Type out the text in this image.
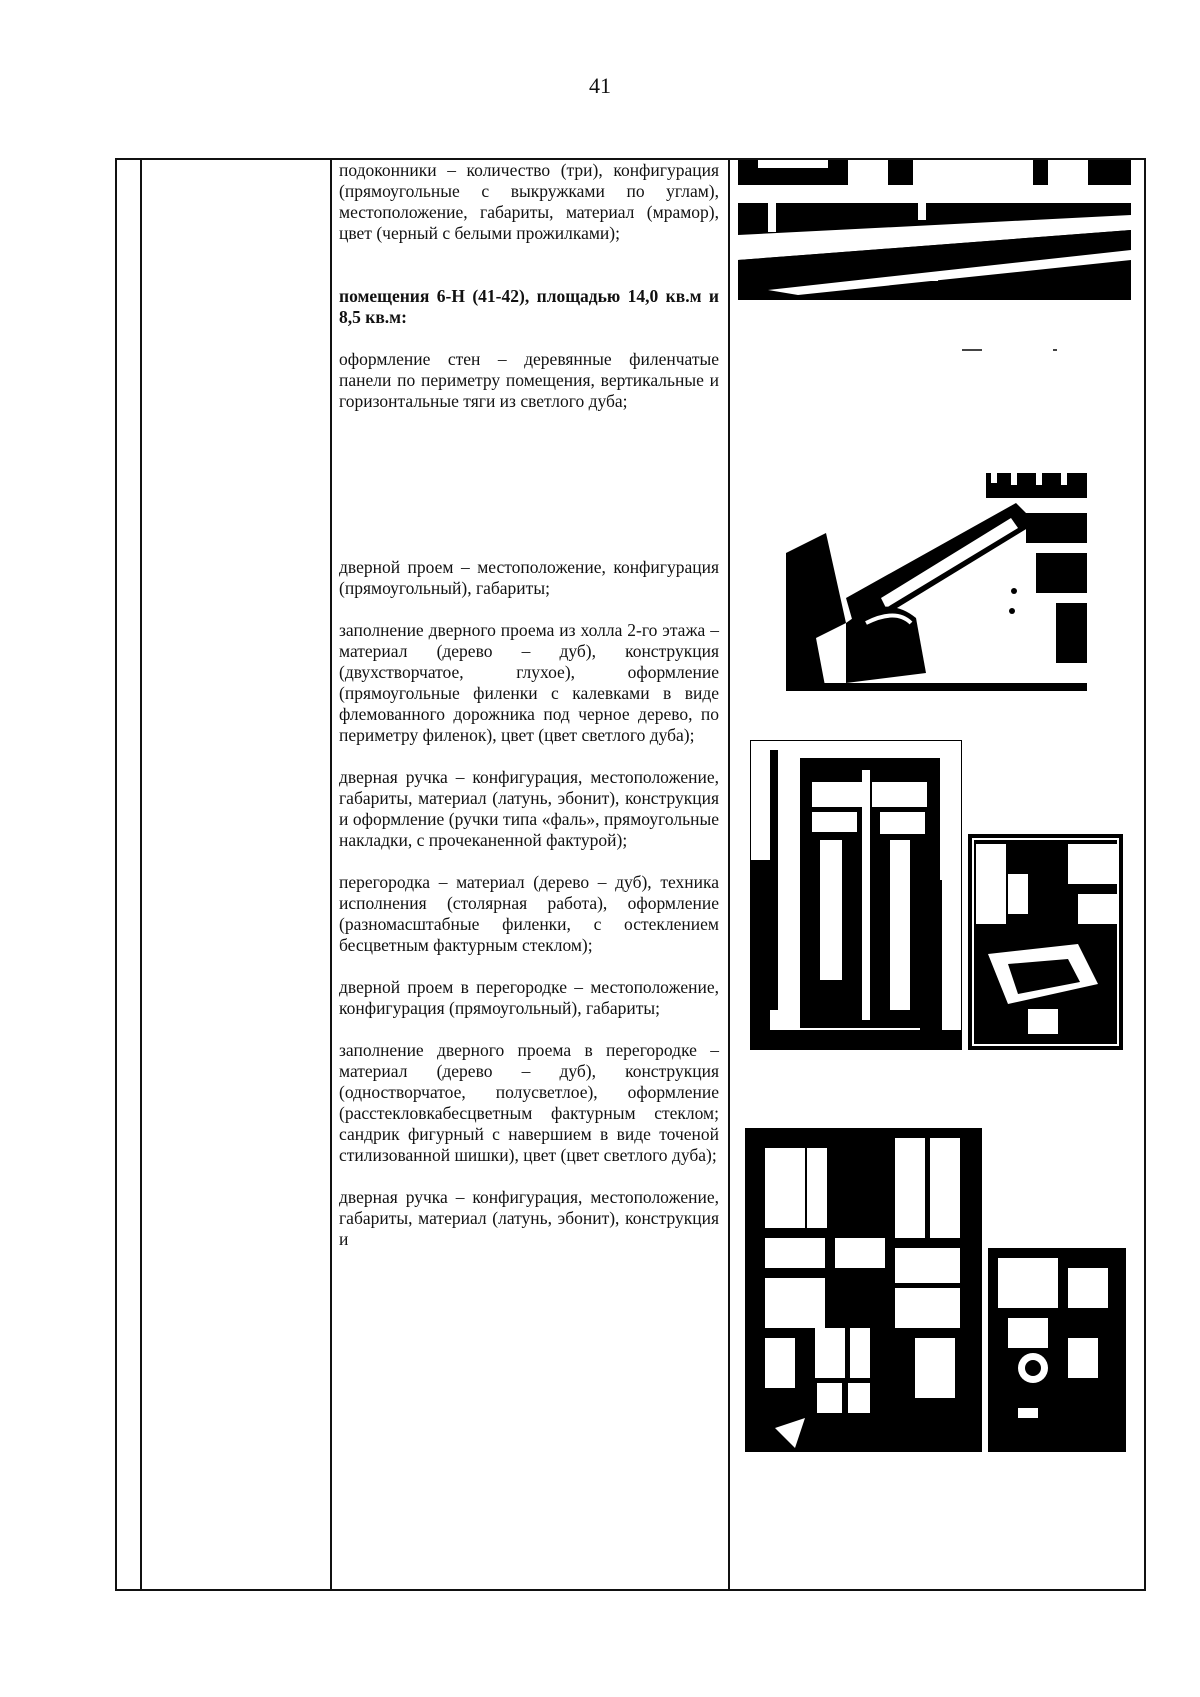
41

подоконники – количество (три), конфигурация (прямоугольные с выкружками по углам), местоположение, габариты, материал (мрамор), цвет (черный с белыми прожилками);

помещения 6-Н (41-42), площадью 14,0 кв.м и 8,5 кв.м:

оформление стен – деревянные филенчатые панели по периметру помещения, вертикальные и горизонтальные тяги из светлого дуба;

дверной проем – местоположение, конфигурация (прямоугольный), габариты;

заполнение дверного проема из холла 2-го этажа – материал (дерево – дуб), конструкция (двухстворчатое, глухое), оформление (прямоугольные филенки с калевками в виде флемованного дорожника под черное дерево, по периметру филенок), цвет (цвет светлого дуба);

дверная ручка – конфигурация, местоположение, габариты, материал (латунь, эбонит), конструкция и оформление (ручки типа «фаль», прямоугольные накладки, с прочеканенной фактурой);

перегородка – материал (дерево – дуб), техника исполнения (столярная работа), оформление (разномасштабные филенки, с остеклением бесцветным фактурным стеклом);

дверной проем в перегородке – местоположение, конфигурация (прямоугольный), габариты;

заполнение дверного проема в перегородке – материал (дерево – дуб), конструкция (одностворчатое, полусветлое), оформление (расстекловкабесцветным фактурным стеклом; сандрик фигурный с навершием в виде точеной стилизованной шишки), цвет (цвет светлого дуба);

дверная ручка – конфигурация, местоположение, габариты, материал (латунь, эбонит), конструкция и
